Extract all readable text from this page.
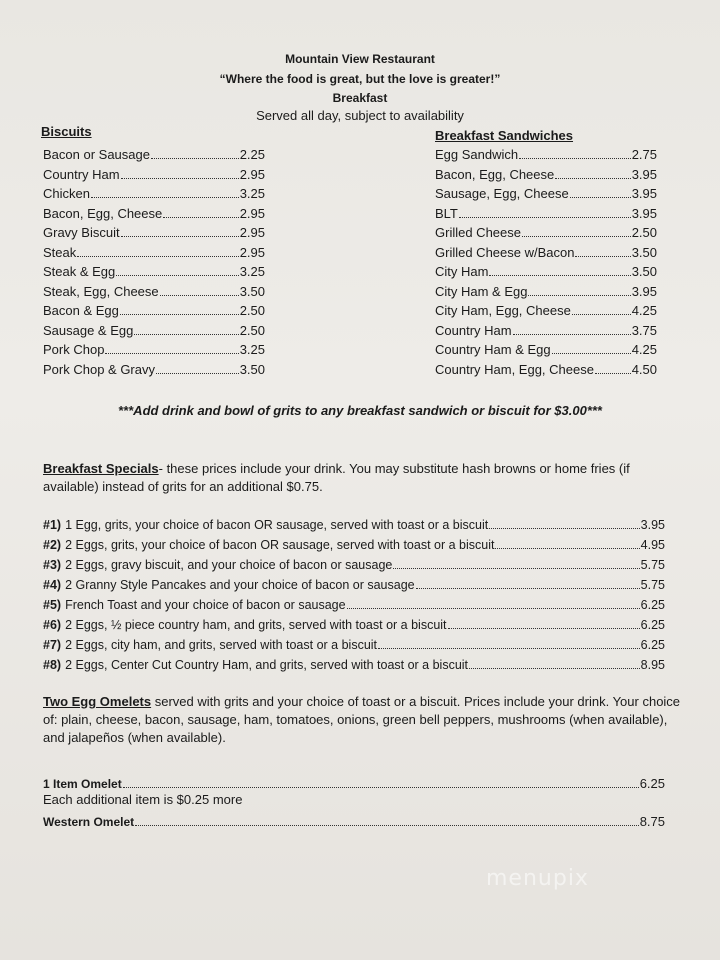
Mountain View Restaurant
“Where the food is great, but the love is greater!”
Breakfast
Served all day, subject to availability
Biscuits	Breakfast Sandwiches
Bacon or Sausage	2.25
Country Ham	2.95
Chicken	3.25
Bacon, Egg, Cheese	2.95
Gravy Biscuit	2.95
Steak	2.95
Steak & Egg	3.25
Steak, Egg, Cheese	3.50
Bacon & Egg	2.50
Sausage & Egg	2.50
Pork Chop	3.25
Pork Chop & Gravy	3.50
Egg Sandwich	2.75
Bacon, Egg, Cheese	3.95
Sausage, Egg, Cheese	3.95
BLT	3.95
Grilled Cheese	2.50
Grilled Cheese w/Bacon	3.50
City Ham	3.50
City Ham & Egg	3.95
City Ham, Egg, Cheese	4.25
Country Ham	3.75
Country Ham & Egg	4.25
Country Ham, Egg, Cheese	4.50
***Add drink and bowl of grits to any breakfast sandwich or biscuit for $3.00***
Breakfast Specials- these prices include your drink. You may substitute hash browns or home fries (if available) instead of grits for an additional $0.75.
#1) 1 Egg, grits, your choice of bacon OR sausage, served with toast or a biscuit	3.95
#2) 2 Eggs, grits, your choice of bacon OR sausage, served with toast or a biscuit	4.95
#3) 2 Eggs, gravy biscuit, and your choice of bacon or sausage	5.75
#4) 2 Granny Style Pancakes and your choice of bacon or sausage	5.75
#5) French Toast and your choice of bacon or sausage	6.25
#6) 2 Eggs, ½ piece country ham, and grits, served with toast or a biscuit	6.25
#7) 2 Eggs, city ham, and grits, served with toast or a biscuit	6.25
#8) 2 Eggs, Center Cut Country Ham, and grits, served with toast or a biscuit	8.95
Two Egg Omelets served with grits and your choice of toast or a biscuit. Prices include your drink. Your choice of: plain, cheese, bacon, sausage, ham, tomatoes, onions, green bell peppers, mushrooms (when available), and jalapeños (when available).
1 Item Omelet	6.25
Each additional item is $0.25 more
Western Omelet	8.75
menupix
